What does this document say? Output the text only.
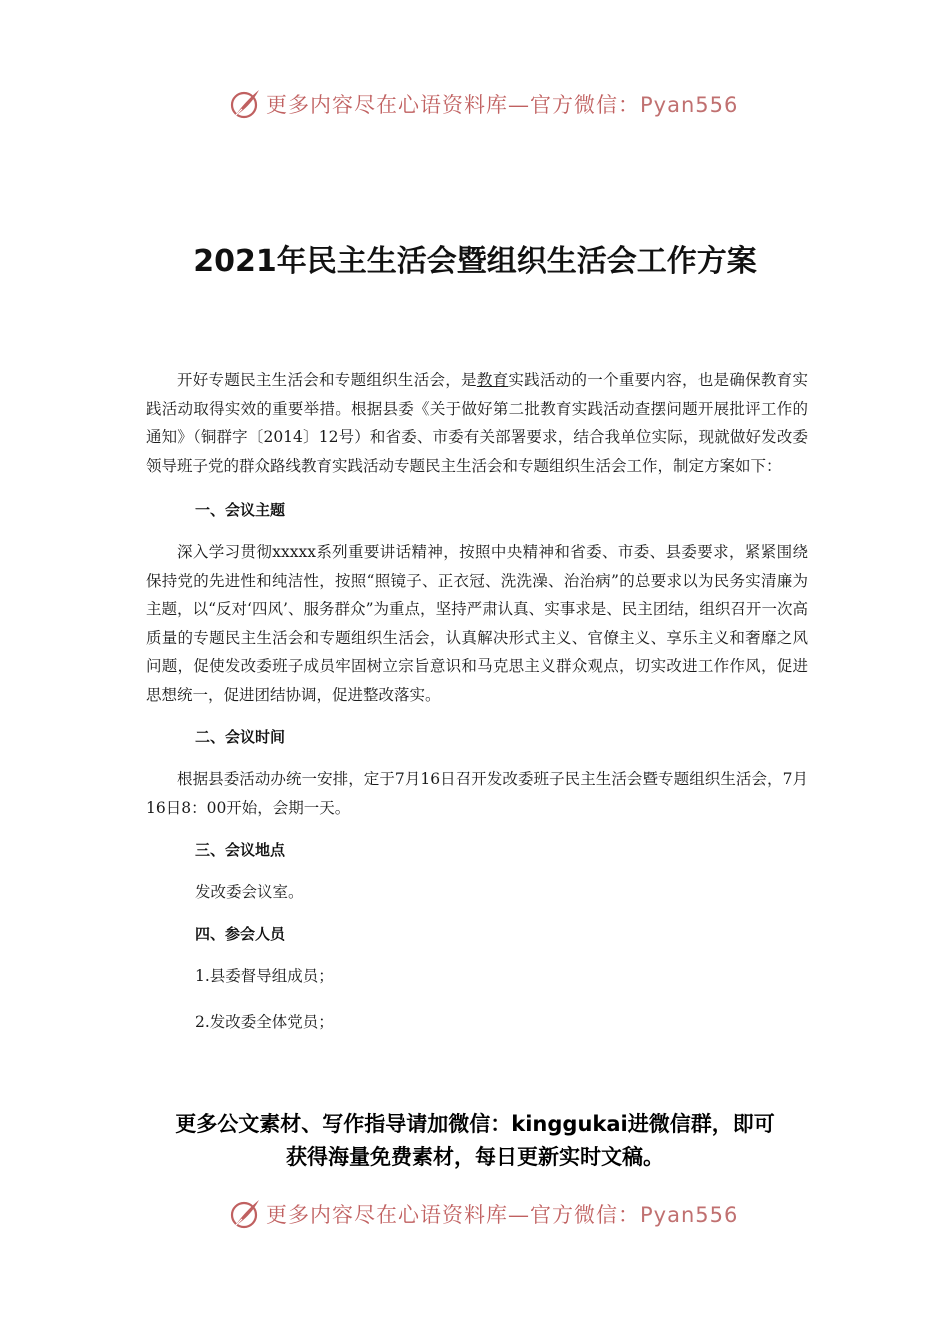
更多内容尽在心语资料库—官方微信：Pyan556
2021年民主生活会暨组织生活会工作方案

开好专题民主生活会和专题组织生活会，是教育实践活动的一个重要内容，也是确保教育实践活动取得实效的重要举措。根据县委《关于做好第二批教育实践活动查摆问题开展批评工作的通知》（铜群字〔2014〕12号）和省委、市委有关部署要求，结合我单位实际，现就做好发改委领导班子党的群众路线教育实践活动专题民主生活会和专题组织生活会工作，制定方案如下：

一、会议主题

深入学习贯彻xxxxx系列重要讲话精神，按照中央精神和省委、市委、县委要求，紧紧围绕保持党的先进性和纯洁性，按照“照镜子、正衣冠、洗洗澡、治治病”的总要求以为民务实清廉为主题，以“反对‘四风’、服务群众”为重点，坚持严肃认真、实事求是、民主团结，组织召开一次高质量的专题民主生活会和专题组织生活会，认真解决形式主义、官僚主义、享乐主义和奢靡之风问题，促使发改委班子成员牢固树立宗旨意识和马克思主义群众观点，切实改进工作作风，促进思想统一，促进团结协调，促进整改落实。

二、会议时间

根据县委活动办统一安排，定于7月16日召开发改委班子民主生活会暨专题组织生活会，7月16日8：00开始，会期一天。

三、会议地点

发改委会议室。

四、参会人员

1.县委督导组成员；

2.发改委全体党员；

更多公文素材、写作指导请加微信：kinggukai进微信群，即可
获得海量免费素材，每日更新实时文稿。
更多内容尽在心语资料库—官方微信：Pyan556
